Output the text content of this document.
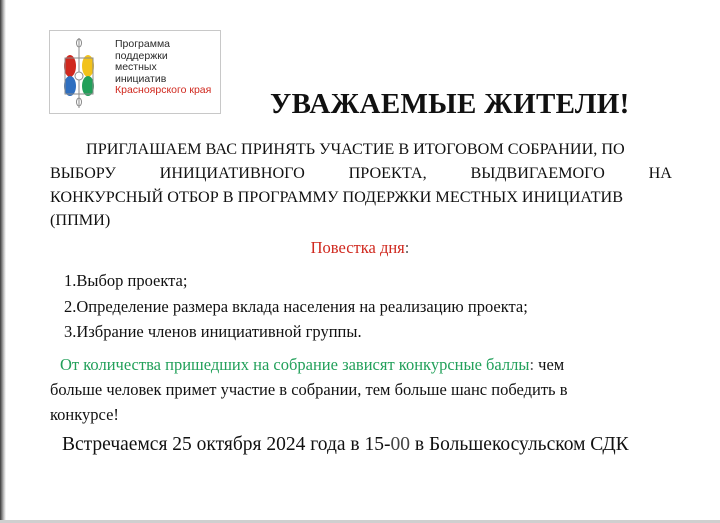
Программа
поддержки
местных
инициатив
Красноярского края УВАЖАЕМЫЕ ЖИТЕЛИ!
ПРИГЛАШАЕМ ВАС ПРИНЯТЬ УЧАСТИЕ В ИТОГОВОМ СОБРАНИИ, ПО
ВЫБОРУ	ИНИЦИАТИВНОГО	ПРОЕКТА,	ВЫДВИГАЕМОГО	НА
КОНКУРСНЫЙ ОТБОР В ПРОГРАММУ ПОДЕРЖКИ МЕСТНЫХ ИНИЦИАТИВ
(ППМИ)
Повестка дня:
1.Выбор проекта;
2.Определение размера вклада населения на реализацию проекта;
3.Избрание членов инициативной группы.
От количества пришедших на собрание зависят конкурсные баллы: чем
больше человек примет участие в собрании, тем больше шанс победить в
конкурсе!
Встречаемся 25 октября 2024 года в 15-00 в Большекосульском СДК
